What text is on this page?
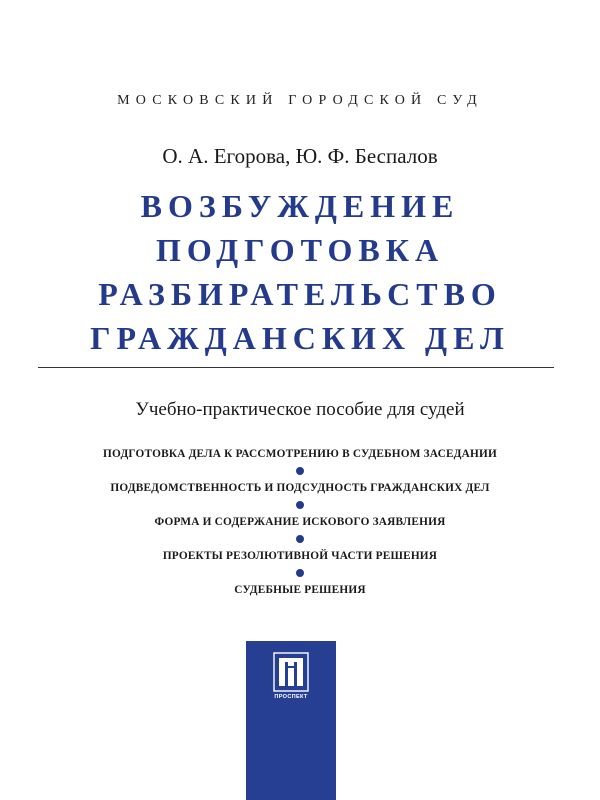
МОСКОВСКИЙ ГОРОДСКОЙ СУД
О. А. Егорова, Ю. Ф. Беспалов
ВОЗБУЖДЕНИЕ
ПОДГОТОВКА
РАЗБИРАТЕЛЬСТВО
ГРАЖДАНСКИХ ДЕЛ
Учебно-практическое пособие для судей
ПОДГОТОВКА ДЕЛА К РАССМОТРЕНИЮ В СУДЕБНОМ ЗАСЕДАНИИ
ПОДВЕДОМСТВЕННОСТЬ И ПОДСУДНОСТЬ ГРАЖДАНСКИХ ДЕЛ
ФОРМА И СОДЕРЖАНИЕ ИСКОВОГО ЗАЯВЛЕНИЯ
ПРОЕКТЫ РЕЗОЛЮТИВНОЙ ЧАСТИ РЕШЕНИЯ
СУДЕБНЫЕ РЕШЕНИЯ
ПРОСПЕКТ
